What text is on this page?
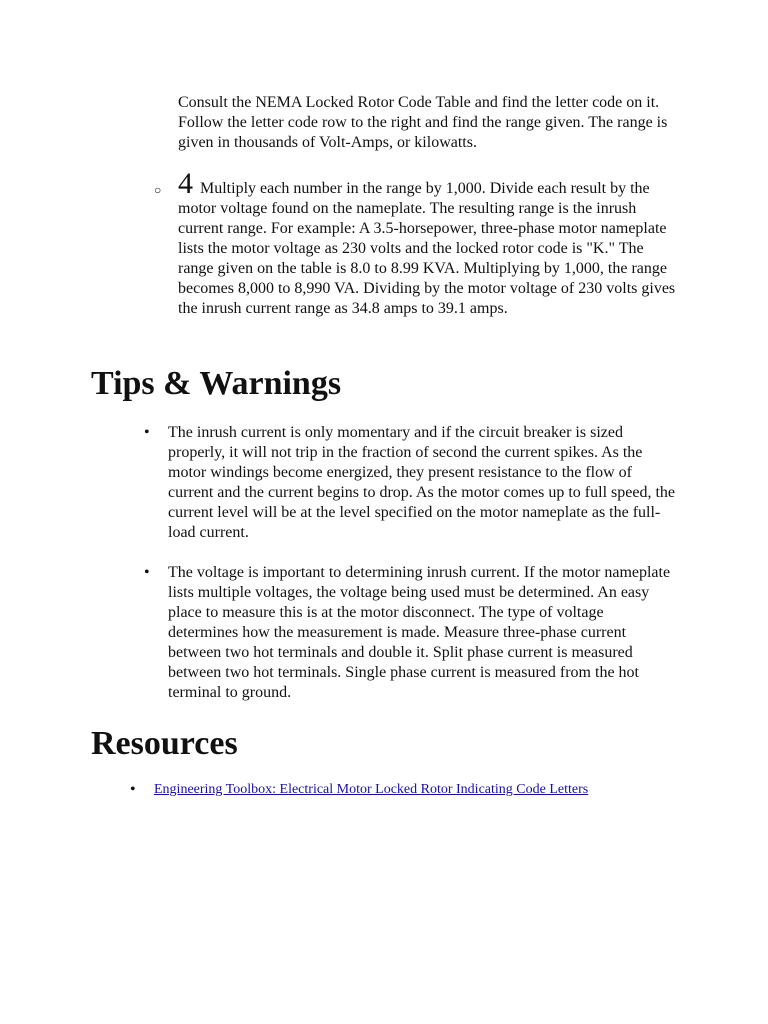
Consult the NEMA Locked Rotor Code Table and find the letter code on it. Follow the letter code row to the right and find the range given. The range is given in thousands of Volt-Amps, or kilowatts.

○ 4 Multiply each number in the range by 1,000. Divide each result by the motor voltage found on the nameplate. The resulting range is the inrush current range. For example: A 3.5-horsepower, three-phase motor nameplate lists the motor voltage as 230 volts and the locked rotor code is "K." The range given on the table is 8.0 to 8.99 KVA. Multiplying by 1,000, the range becomes 8,000 to 8,990 VA. Dividing by the motor voltage of 230 volts gives the inrush current range as 34.8 amps to 39.1 amps.
Tips & Warnings
• The inrush current is only momentary and if the circuit breaker is sized properly, it will not trip in the fraction of second the current spikes. As the motor windings become energized, they present resistance to the flow of current and the current begins to drop. As the motor comes up to full speed, the current level will be at the level specified on the motor nameplate as the full-load current.
• The voltage is important to determining inrush current. If the motor nameplate lists multiple voltages, the voltage being used must be determined. An easy place to measure this is at the motor disconnect. The type of voltage determines how the measurement is made. Measure three-phase current between two hot terminals and double it. Split phase current is measured between two hot terminals. Single phase current is measured from the hot terminal to ground.
Resources
• Engineering Toolbox: Electrical Motor Locked Rotor Indicating Code Letters
